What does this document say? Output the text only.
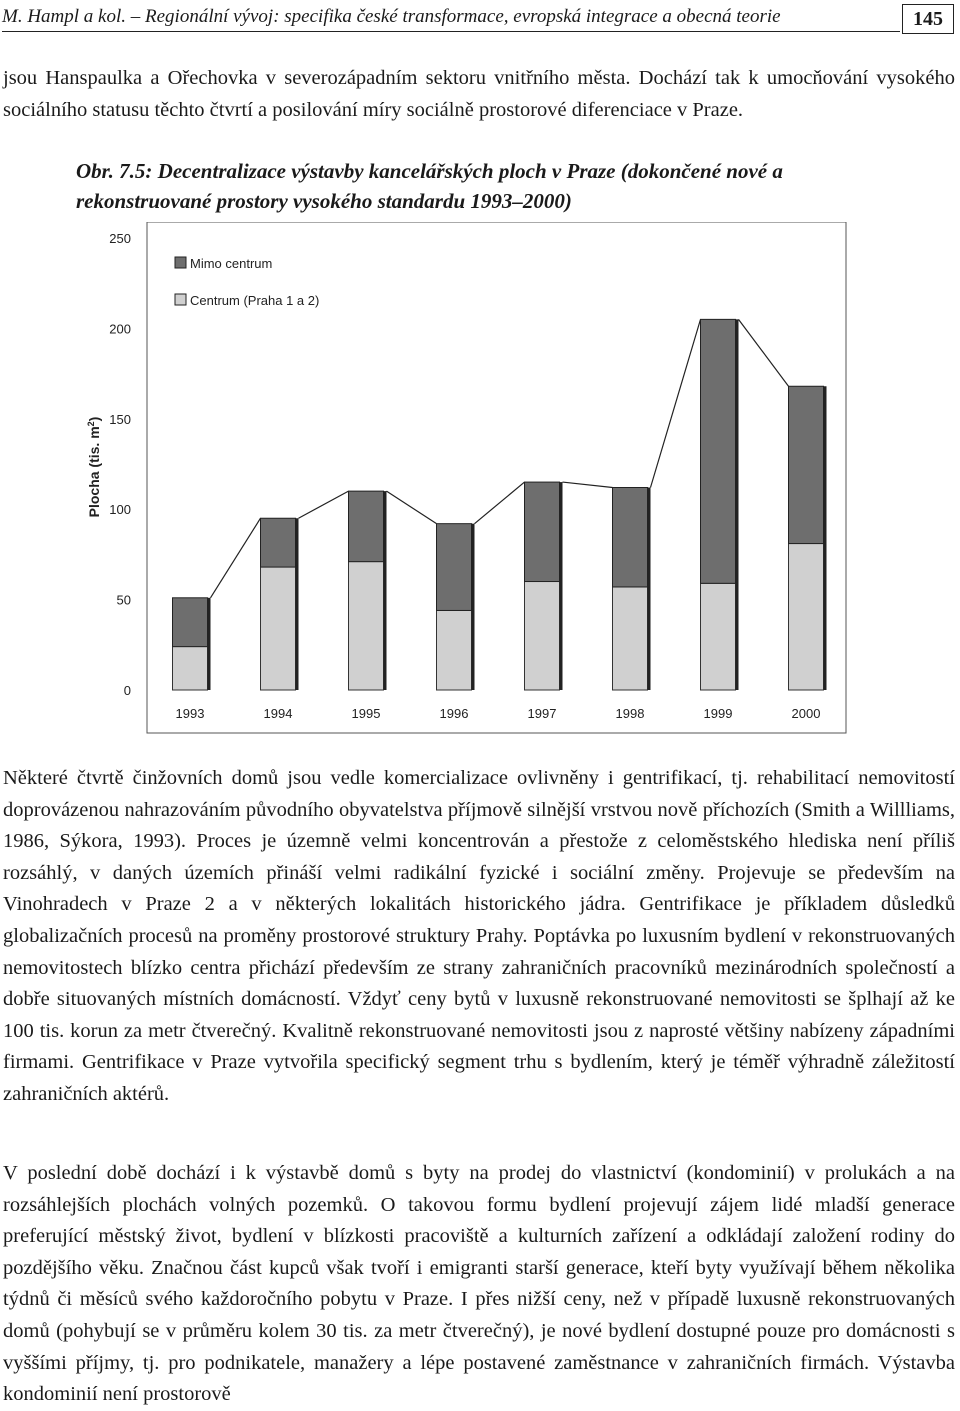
M. Hampl a kol. – Regionální vývoj: specifika české transformace, evropská integrace a obecná teorie	145

jsou Hanspaulka a Ořechovka v severozápadním sektoru vnitřního města. Dochází tak k umocňování vysokého sociálního statusu těchto čtvrtí a posilování míry sociálně prostorové diferenciace v Praze.

Obr. 7.5: Decentralizace výstavby kancelářských ploch v Praze (dokončené nové a rekonstruované prostory vysokého standardu 1993–2000)
Plocha (tis. $m^2$)
0
50
100
150
200
250
1993	1994	1995	1996	1997	1998	1999	2000
Mimo centrum
Centrum (Praha 1 a 2)

Některé čtvrtě činžovních domů jsou vedle komercializace ovlivněny i gentrifikací, tj. rehabilitací nemovitostí doprovázenou nahrazováním původního obyvatelstva příjmově silnější vrstvou nově příchozích (Smith a Willliams, 1986, Sýkora, 1993). Proces je územně velmi koncentrován a přestože z celoměstského hlediska není příliš rozsáhlý, v daných územích přináší velmi radikální fyzické i sociální změny. Projevuje se především na Vinohradech v Praze 2 a v některých lokalitách historického jádra. Gentrifikace je příkladem důsledků globalizačních procesů na proměny prostorové struktury Prahy. Poptávka po luxusním bydlení v rekonstruovaných nemovitostech blízko centra přichází především ze strany zahraničních pracovníků mezinárodních společností a dobře situovaných místních domácností. Vždyť ceny bytů v luxusně rekonstruované nemovitosti se šplhají až ke 100 tis. korun za metr čtverečný. Kvalitně rekonstruované nemovitosti jsou z naprosté většiny nabízeny západními firmami. Gentrifikace v Praze vytvořila specifický segment trhu s bydlením, který je téměř výhradně záležitostí zahraničních aktérů.

V poslední době dochází i k výstavbě domů s byty na prodej do vlastnictví (kondominií) v prolukách a na rozsáhlejších plochách volných pozemků. O takovou formu bydlení projevují zájem lidé mladší generace preferující městský život, bydlení v blízkosti pracoviště a kulturních zařízení a odkládají založení rodiny do pozdějšího věku. Značnou část kupců však tvoří i emigranti starší generace, kteří byty využívají během několika týdnů či měsíců svého každoročního pobytu v Praze. I přes nižší ceny, než v případě luxusně rekonstruovaných domů (pohybují se v průměru kolem 30 tis. za metr čtverečný), je nové bydlení dostupné pouze pro domácnosti s vyššími příjmy, tj. pro podnikatele, manažery a lépe postavené zaměstnance v zahraničních firmách. Výstavba kondominií není prostorově
